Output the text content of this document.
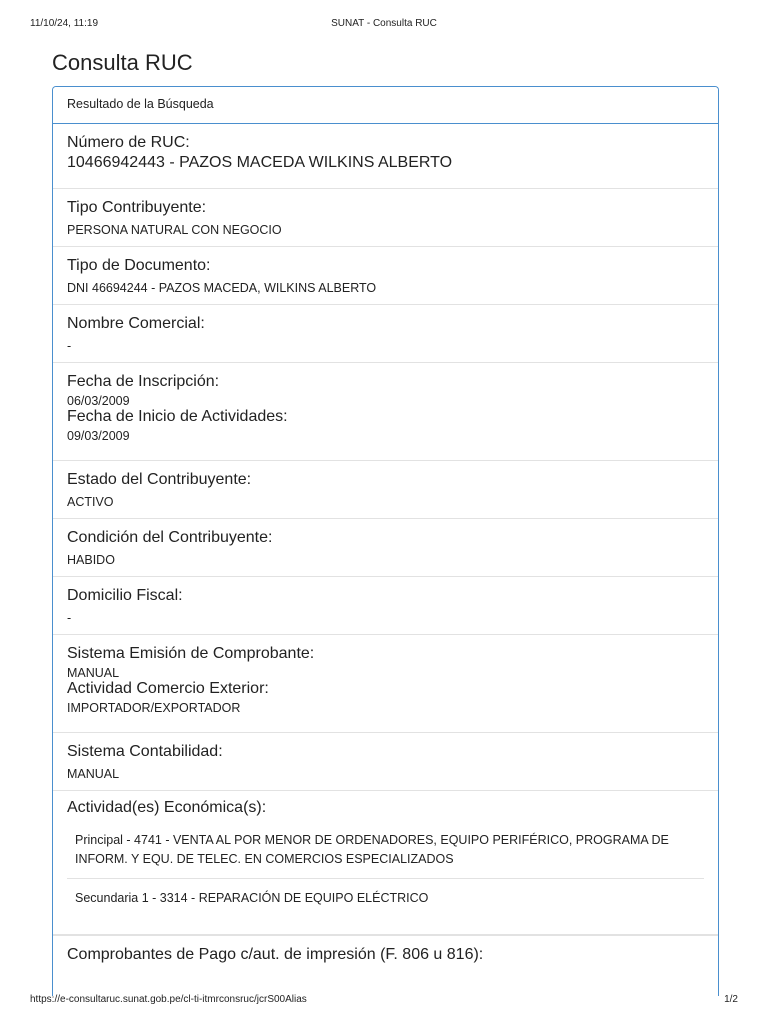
11/10/24, 11:19	SUNAT - Consulta RUC
Consulta RUC
Resultado de la Búsqueda
Número de RUC:
10466942443 - PAZOS MACEDA WILKINS ALBERTO
Tipo Contribuyente:
PERSONA NATURAL CON NEGOCIO
Tipo de Documento:
DNI 46694244 - PAZOS MACEDA, WILKINS ALBERTO
Nombre Comercial:
-
Fecha de Inscripción:
06/03/2009
Fecha de Inicio de Actividades:
09/03/2009
Estado del Contribuyente:
ACTIVO
Condición del Contribuyente:
HABIDO
Domicilio Fiscal:
-
Sistema Emisión de Comprobante:
MANUAL
Actividad Comercio Exterior:
IMPORTADOR/EXPORTADOR
Sistema Contabilidad:
MANUAL
Actividad(es) Económica(s):
Principal - 4741 - VENTA AL POR MENOR DE ORDENADORES, EQUIPO PERIFÉRICO, PROGRAMA DE INFORM. Y EQU. DE TELEC. EN COMERCIOS ESPECIALIZADOS
Secundaria 1 - 3314 - REPARACIÓN DE EQUIPO ELÉCTRICO
Comprobantes de Pago c/aut. de impresión (F. 806 u 816):
https://e-consultaruc.sunat.gob.pe/cl-ti-itmrconsruc/jcrS00Alias	1/2
